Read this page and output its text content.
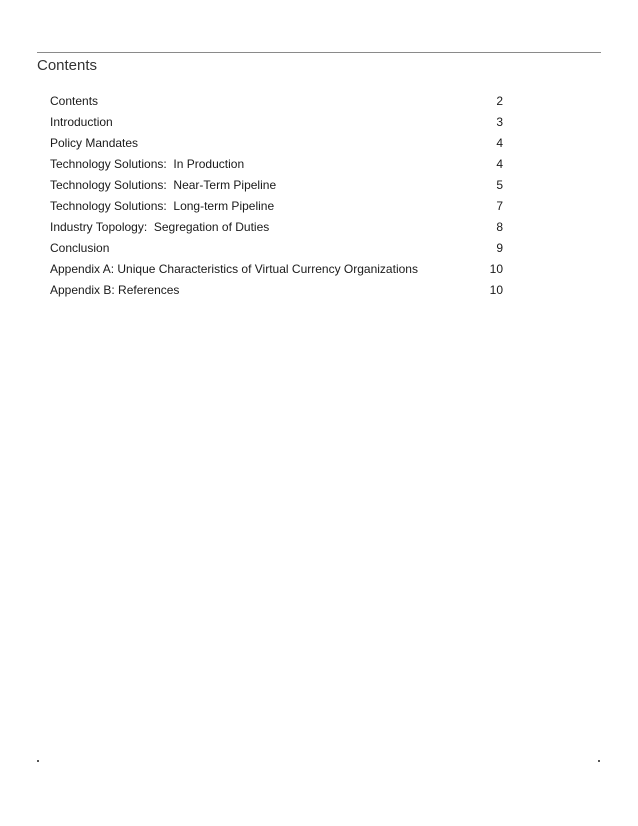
Contents
Contents	2
Introduction	3
Policy Mandates	4
Technology Solutions:  In Production	4
Technology Solutions:  Near-Term Pipeline	5
Technology Solutions:  Long-term Pipeline	7
Industry Topology:  Segregation of Duties	8
Conclusion	9
Appendix A: Unique Characteristics of Virtual Currency Organizations	10
Appendix B: References	10
